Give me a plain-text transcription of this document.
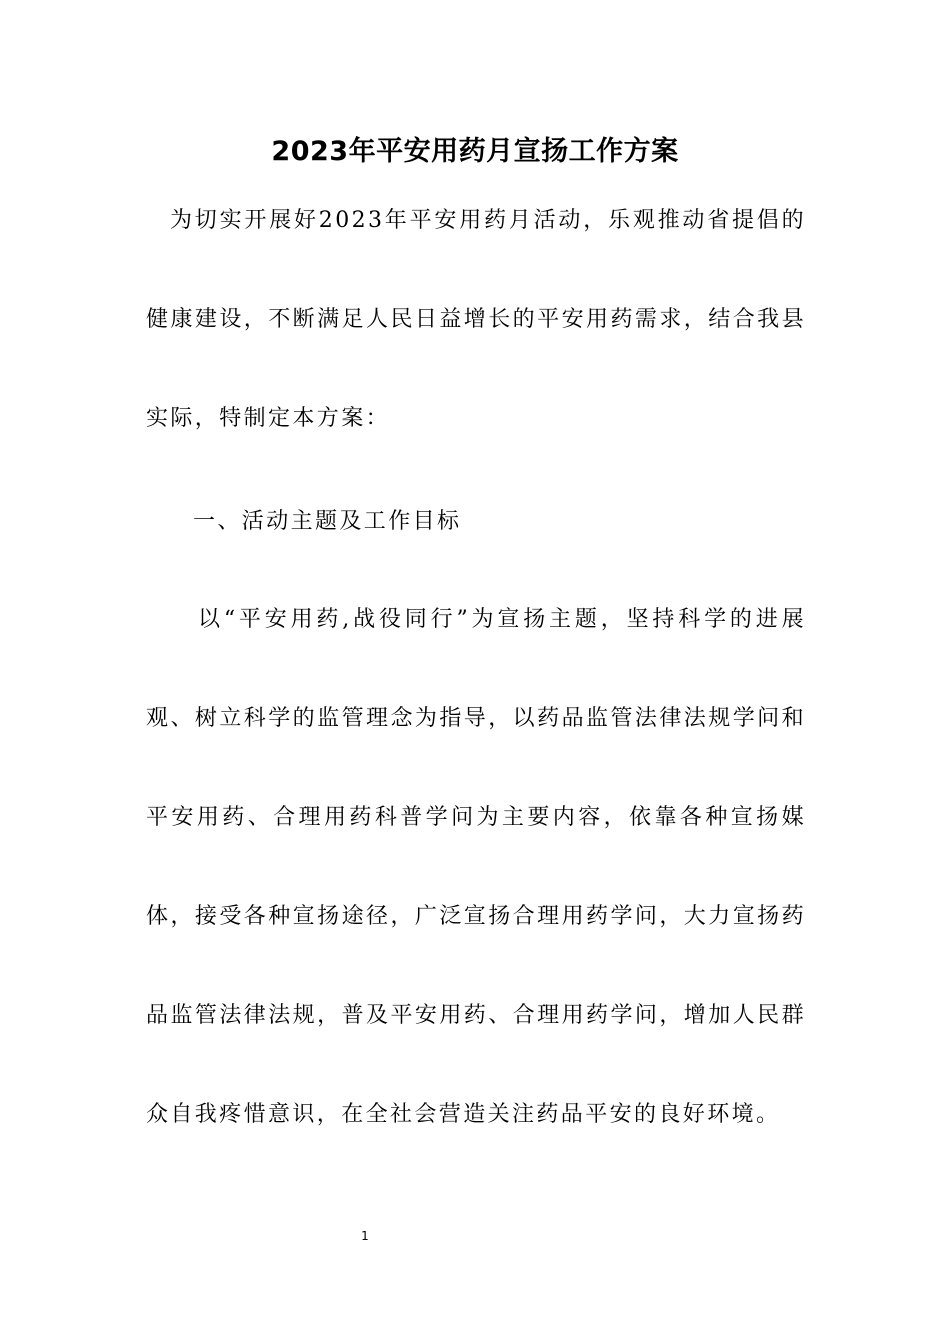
2023年平安用药月宣扬工作方案
为切实开展好2023年平安用药月活动，乐观推动省提倡的健康建设，不断满足人民日益增长的平安用药需求，结合我县实际，特制定本方案：
一、活动主题及工作目标
以“平安用药,战役同行”为宣扬主题，坚持科学的进展观、树立科学的监管理念为指导，以药品监管法律法规学问和平安用药、合理用药科普学问为主要内容，依靠各种宣扬媒体，接受各种宣扬途径，广泛宣扬合理用药学问，大力宣扬药品监管法律法规，普及平安用药、合理用药学问，增加人民群众自我疼惜意识，在全社会营造关注药品平安的良好环境。
1
